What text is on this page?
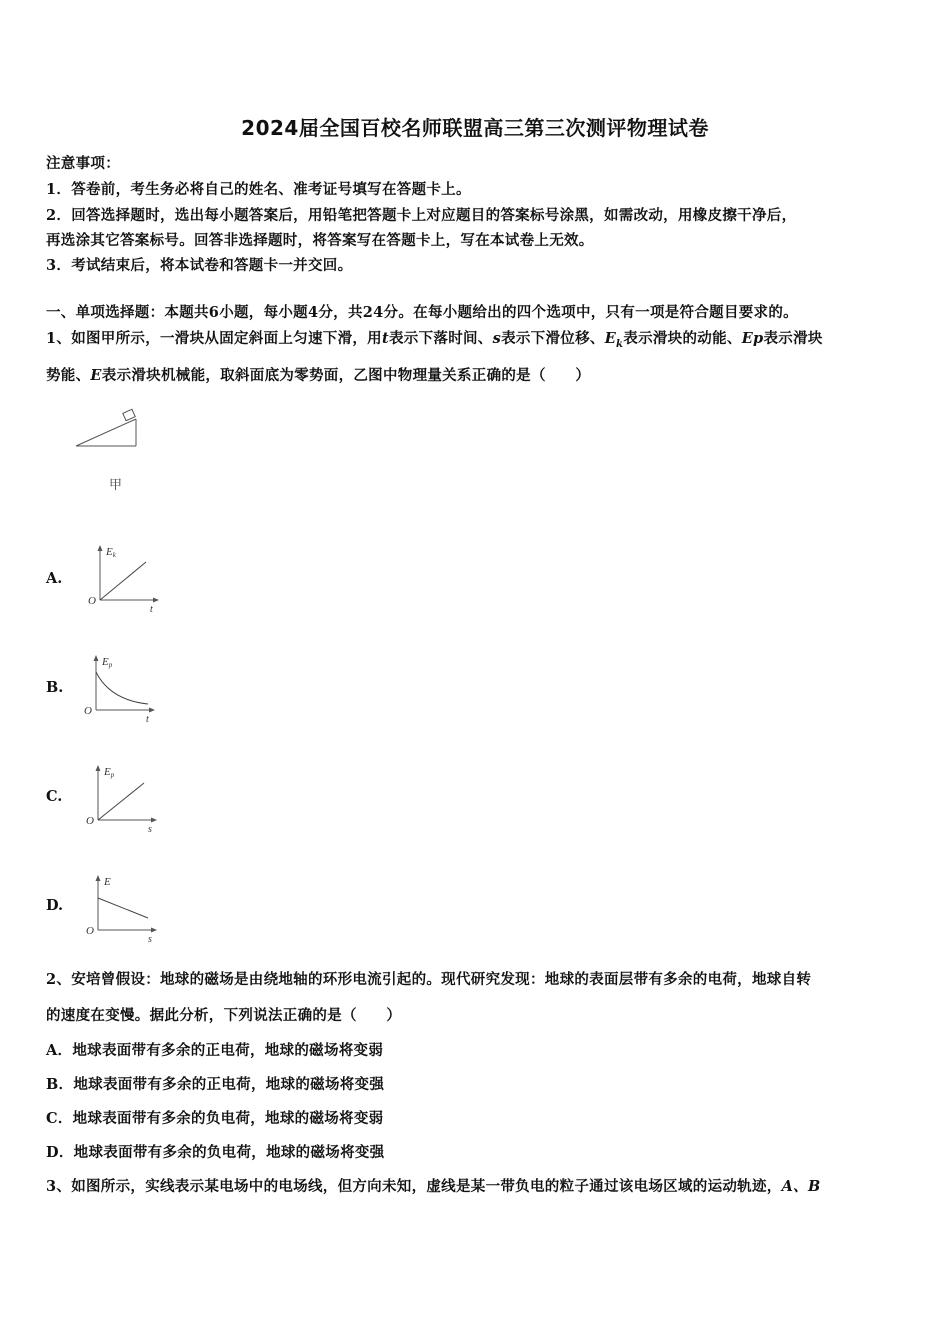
2024届全国百校名师联盟高三第三次测评物理试卷
注意事项：
1．答卷前，考生务必将自己的姓名、准考证号填写在答题卡上。
2．回答选择题时，选出每小题答案后，用铅笔把答题卡上对应题目的答案标号涂黑，如需改动，用橡皮擦干净后，
再选涂其它答案标号。回答非选择题时，将答案写在答题卡上，写在本试卷上无效。
3．考试结束后，将本试卷和答题卡一并交回。
一、单项选择题：本题共6小题，每小题4分，共24分。在每小题给出的四个选项中，只有一项是符合题目要求的。
1、如图甲所示，一滑块从固定斜面上匀速下滑，用t表示下落时间、s表示下滑位移、$E_k$表示滑块的动能、Ep表示滑块
势能、E表示滑块机械能，取斜面底为零势面，乙图中物理量关系正确的是（　　）
甲
A.
Ek
O
t
B.
Ep
O
t
C.
Ep
O
s
D.
E
O
s
2、安培曾假设：地球的磁场是由绕地轴的环形电流引起的。现代研究发现：地球的表面层带有多余的电荷，地球自转
的速度在变慢。据此分析，下列说法正确的是（　　）
A．地球表面带有多余的正电荷，地球的磁场将变弱
B．地球表面带有多余的正电荷，地球的磁场将变强
C．地球表面带有多余的负电荷，地球的磁场将变弱
D．地球表面带有多余的负电荷，地球的磁场将变强
3、如图所示，实线表示某电场中的电场线，但方向未知，虚线是某一带负电的粒子通过该电场区域的运动轨迹，A、B
